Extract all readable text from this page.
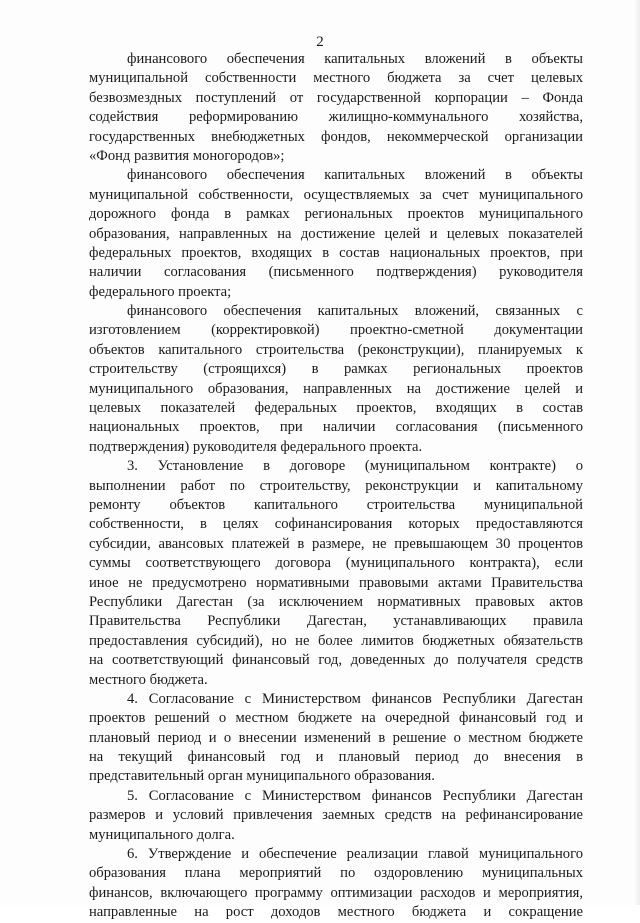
2
финансового обеспечения капитальных вложений в объекты
муниципальной собственности местного бюджета за счет целевых
безвозмездных поступлений от государственной корпорации – Фонда
содействия реформированию жилищно-коммунального хозяйства,
государственных внебюджетных фондов, некоммерческой организации
«Фонд развития моногородов»;
финансового обеспечения капитальных вложений в объекты
муниципальной собственности, осуществляемых за счет муниципального
дорожного фонда в рамках региональных проектов муниципального
образования, направленных на достижение целей и целевых показателей
федеральных проектов, входящих в состав национальных проектов, при
наличии согласования (письменного подтверждения) руководителя
федерального проекта;
финансового обеспечения капитальных вложений, связанных с
изготовлением (корректировкой) проектно-сметной документации
объектов капитального строительства (реконструкции), планируемых к
строительству (строящихся) в рамках региональных проектов
муниципального образования, направленных на достижение целей и
целевых показателей федеральных проектов, входящих в состав
национальных проектов, при наличии согласования (письменного
подтверждения) руководителя федерального проекта.
3. Установление в договоре (муниципальном контракте) о
выполнении работ по строительству, реконструкции и капитальному
ремонту объектов капитального строительства муниципальной
собственности, в целях софинансирования которых предоставляются
субсидии, авансовых платежей в размере, не превышающем 30 процентов
суммы соответствующего договора (муниципального контракта), если
иное не предусмотрено нормативными правовыми актами Правительства
Республики Дагестан (за исключением нормативных правовых актов
Правительства Республики Дагестан, устанавливающих правила
предоставления субсидий), но не более лимитов бюджетных обязательств
на соответствующий финансовый год, доведенных до получателя средств
местного бюджета.
4. Согласование с Министерством финансов Республики Дагестан
проектов решений о местном бюджете на очередной финансовый год и
плановый период и о внесении изменений в решение о местном бюджете
на текущий финансовый год и плановый период до внесения в
представительный орган муниципального образования.
5. Согласование с Министерством финансов Республики Дагестан
размеров и условий привлечения заемных средств на рефинансирование
муниципального долга.
6. Утверждение и обеспечение реализации главой муниципального
образования плана мероприятий по оздоровлению муниципальных
финансов, включающего программу оптимизации расходов и мероприятия,
направленные на рост доходов местного бюджета и сокращение
